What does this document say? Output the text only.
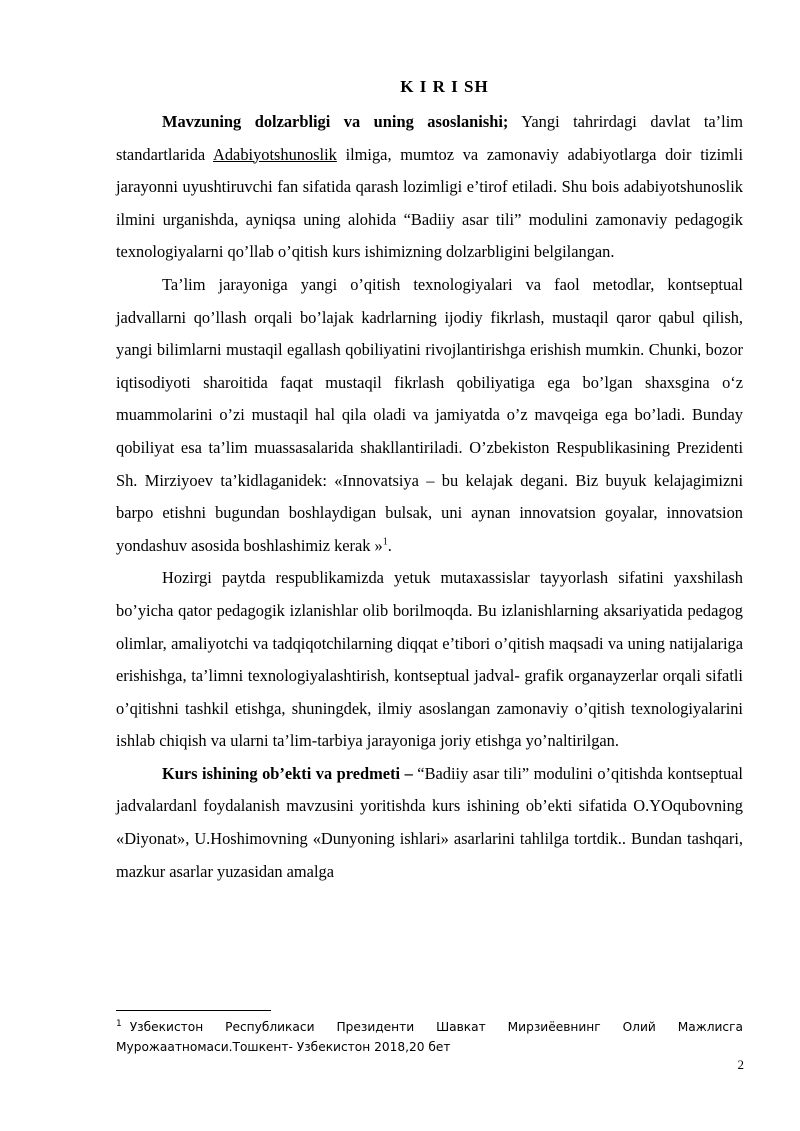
K I R I SH

Mavzuning dolzarbligi va uning asoslanishi; Yangi tahrirdagi davlat ta’lim standartlarida Adabiyotshunoslik ilmiga, mumtoz va zamonaviy adabiyotlarga doir tizimli jarayonni uyushtiruvchi fan sifatida qarash lozimligi e’tirof etiladi. Shu bois adabiyotshunoslik ilmini urganishda, ayniqsa uning alohida “Badiiy asar tili” modulini zamonaviy pedagogik texnologiyalarni qo’llab o’qitish kurs ishimizning dolzarbligini belgilangan.

Ta’lim jarayoniga yangi o’qitish texnologiyalari va faol metodlar, kontseptual jadvallarni qo’llash orqali bo’lajak kadrlarning ijodiy fikrlash, mustaqil qaror qabul qilish, yangi bilimlarni mustaqil egallash qobiliyatini rivojlantirishga erishish mumkin. Chunki, bozor iqtisodiyoti sharoitida faqat mustaqil fikrlash qobiliyatiga ega bo’lgan shaxsgina o‘z muammolarini o’zi mustaqil hal qila oladi va jamiyatda o’z mavqeiga ega bo’ladi. Bunday qobiliyat esa ta’lim muassasalarida shakllantiriladi. O’zbekiston Respublikasining Prezidenti Sh. Mirziyoev ta’kidlaganidek: «Innovatsiya – bu kelajak degani. Biz buyuk kelajagimizni barpo etishni bugundan boshlaydigan bulsak, uni aynan innovatsion goyalar, innovatsion yondashuv asosida boshlashimiz kerak »$^1$.

Hozirgi paytda respublikamizda yetuk mutaxassislar tayyorlash sifatini yaxshilash bo’yicha qator pedagogik izlanishlar olib borilmoqda. Bu izlanishlarning aksariyatida pedagog olimlar, amaliyotchi va tadqiqotchilarning diqqat e’tibori o’qitish maqsadi va uning natijalariga erishishga, ta’limni texnologiyalashtirish, kontseptual jadval- grafik organayzerlar orqali sifatli o’qitishni tashkil etishga, shuningdek, ilmiy asoslangan zamonaviy o’qitish texnologiyalarini ishlab chiqish va ularni ta’lim-tarbiya jarayoniga joriy etishga yo’naltirilgan.

Kurs ishining ob’ekti va predmeti – “Badiiy asar tili” modulini o’qitishda kontseptual jadvalardanl foydalanish mavzusini yoritishda kurs ishining ob’ekti sifatida O.YOqubovning «Diyonat», U.Hoshimovning «Dunyoning ishlari» asarlarini tahlilga tortdik.. Bundan tashqari, mazkur asarlar yuzasidan amalga

$^1$ Узбекистон Республикаси Президенти Шавкат Мирзиёевнинг Олий Мажлисга Мурожаатномаси.Тошкент- Узбекистон 2018,20 бет
2
